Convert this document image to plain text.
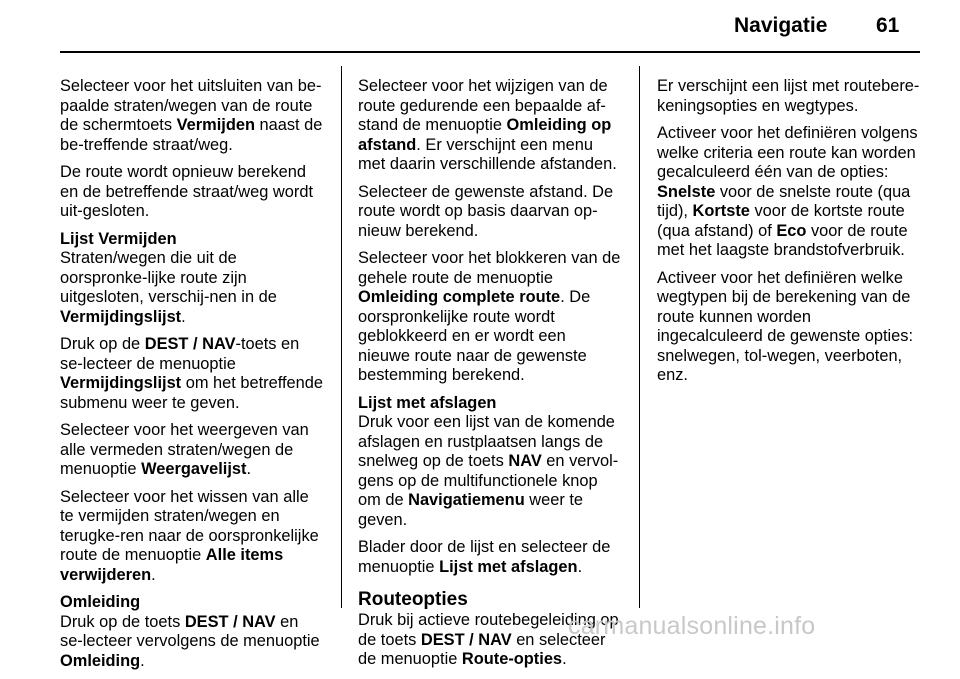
Navigatie 61

Selecteer voor het uitsluiten van be-paalde straten/wegen van de route de schermtoets Vermijden naast de be-treffende straat/weg.

De route wordt opnieuw berekend en de betreffende straat/weg wordt uit-gesloten.

Lijst Vermijden

Straten/wegen die uit de oorspronke-lijke route zijn uitgesloten, verschij-nen in de Vermijdingslijst.

Druk op de DEST / NAV-toets en se-lecteer de menuoptie Vermijdingslijst om het betreffende submenu weer te geven.

Selecteer voor het weergeven van alle vermeden straten/wegen de menuoptie Weergavelijst.

Selecteer voor het wissen van alle te vermijden straten/wegen en terugke-ren naar de oorspronkelijke route de menuoptie Alle items verwijderen.

Omleiding

Druk op de toets DEST / NAV en se-lecteer vervolgens de menuoptie Omleiding.

Selecteer voor het wijzigen van de route gedurende een bepaalde af-stand de menuoptie Omleiding op afstand. Er verschijnt een menu met daarin verschillende afstanden.

Selecteer de gewenste afstand. De route wordt op basis daarvan op-nieuw berekend.

Selecteer voor het blokkeren van de gehele route de menuoptie Omleiding complete route. De oorspronkelijke route wordt geblokkeerd en er wordt een nieuwe route naar de gewenste bestemming berekend.

Lijst met afslagen

Druk voor een lijst van de komende afslagen en rustplaatsen langs de snelweg op de toets NAV en vervol-gens op de multifunctionele knop om de Navigatiemenu weer te geven.

Blader door de lijst en selecteer de menuoptie Lijst met afslagen.

Routeopties

Druk bij actieve routebegeleiding op de toets DEST / NAV en selecteer de menuoptie Route-opties.

Er verschijnt een lijst met routebere-keningsopties en wegtypes.

Activeer voor het definiëren volgens welke criteria een route kan worden gecalculeerd één van de opties:
Snelste voor de snelste route (qua tijd), Kortste voor de kortste route (qua afstand) of Eco voor de route met het laagste brandstofverbruik.

Activeer voor het definiëren welke wegtypen bij de berekening van de route kunnen worden ingecalculeerd de gewenste opties: snelwegen, tol-wegen, veerboten, enz.

carmanualsonline.info
